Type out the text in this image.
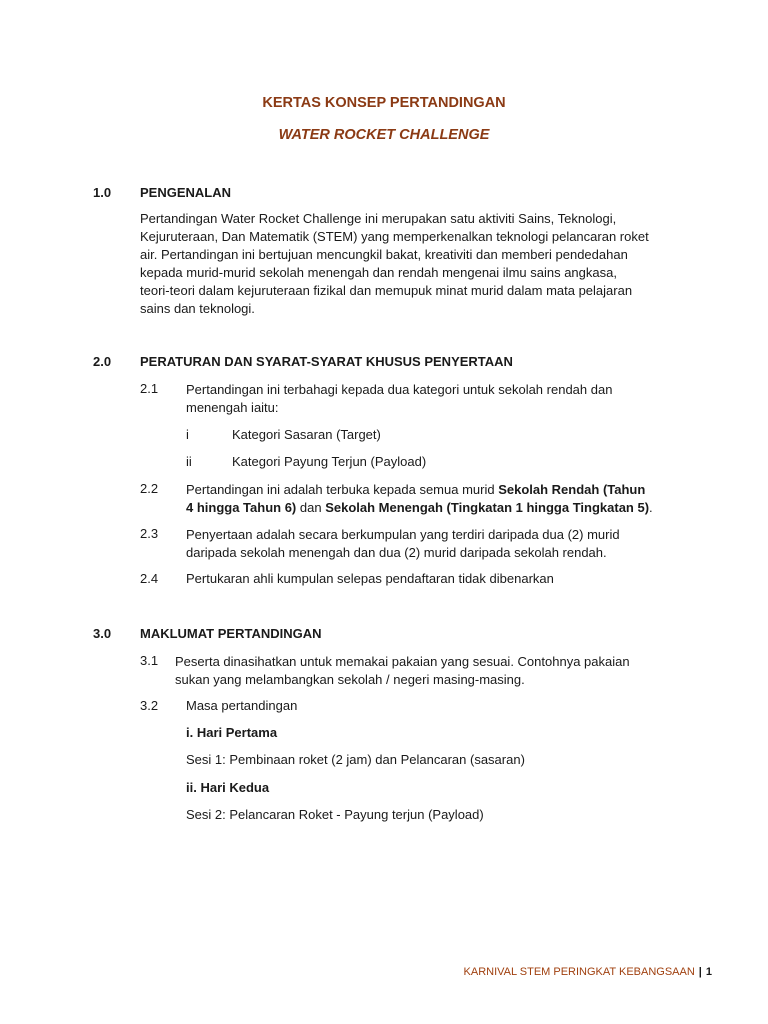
KERTAS KONSEP PERTANDINGAN
WATER ROCKET CHALLENGE
1.0 PENGENALAN

Pertandingan Water Rocket Challenge ini merupakan satu aktiviti Sains, Teknologi,

Kejuruteraan, Dan Matematik (STEM) yang memperkenalkan teknologi pelancaran roket

air. Pertandingan ini bertujuan mencungkil bakat, kreativiti dan memberi pendedahan

kepada murid-murid sekolah menengah dan rendah mengenai ilmu sains angkasa,

teori-teori dalam kejuruteraan fizikal dan memupuk minat murid dalam mata pelajaran

sains dan teknologi.

2.0 PERATURAN DAN SYARAT-SYARAT KHUSUS PENYERTAAN
2.1 Pertandingan ini terbahagi kepada dua kategori untuk sekolah rendah dan

menengah iaitu:

i	Kategori Sasaran (Target)
ii	Kategori Payung Terjun (Payload)
2.2 Pertandingan ini adalah terbuka kepada semua murid Sekolah Rendah (Tahun

4 hingga Tahun 6) dan Sekolah Menengah (Tingkatan 1 hingga Tingkatan 5).

2.3 Penyertaan adalah secara berkumpulan yang terdiri daripada dua (2) murid

daripada sekolah menengah dan dua (2) murid daripada sekolah rendah.

2.4 Pertukaran ahli kumpulan selepas pendaftaran tidak dibenarkan
3.0 MAKLUMAT PERTANDINGAN
3.1 Peserta dinasihatkan untuk memakai pakaian yang sesuai. Contohnya pakaian

sukan yang melambangkan sekolah / negeri masing-masing.

3.2 Masa pertandingan
i. Hari Pertama
Sesi 1: Pembinaan roket (2 jam) dan Pelancaran (sasaran)
ii. Hari Kedua
Sesi 2: Pelancaran Roket - Payung terjun (Payload)
KARNIVAL STEM PERINGKAT KEBANGSAAN | 1
